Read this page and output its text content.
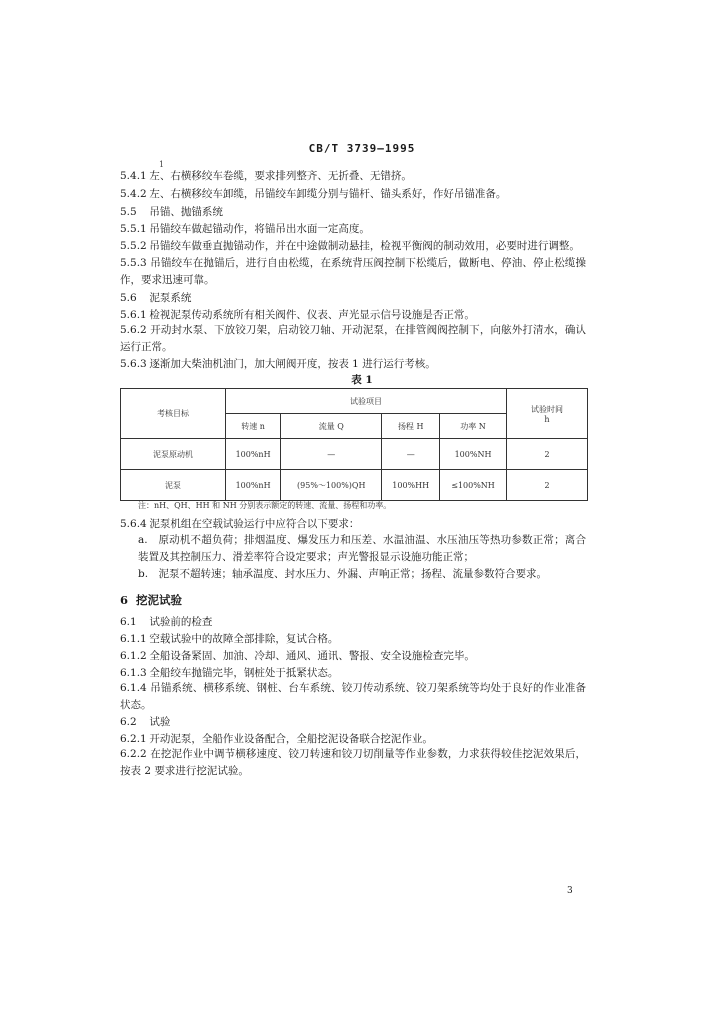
CB/T 3739—1995
1
5.4.1 左、右横移绞车卷缆，要求排列整齐、无折叠、无错挤。
5.4.2 左、右横移绞车卸缆，吊锚绞车卸缆分别与锚杆、锚头系好，作好吊锚准备。
5.5 吊锚、抛锚系统
5.5.1 吊锚绞车做起锚动作，将锚吊出水面一定高度。
5.5.2 吊锚绞车做垂直抛锚动作，并在中途做制动悬挂，检视平衡阀的制动效用，必要时进行调整。
5.5.3 吊锚绞车在抛锚后，进行自由松缆，在系统背压阀控制下松缆后，做断电、停油、停止松缆操作，要求迅速可靠。
5.6 泥泵系统
5.6.1 检视泥泵传动系统所有相关阀件、仪表、声光显示信号设施是否正常。
5.6.2 开动封水泵、下放铰刀架，启动铰刀轴、开动泥泵，在排管阀阀控制下，向舷外打清水，确认运行正常。
5.6.3 逐渐加大柴油机油门，加大闸阀开度，按表 1 进行运行考核。
表 1
考核目标	试验项目				试验时间
h

	转速 n	流量 Q	扬程 H	功率 N	
泥泵原动机	100%nH	—	—	100%NH	2
泥泵	100%nH	(95%～100%)QH	100%HH	≤100%NH	2
注：nH、QH、HH 和 NH 分别表示额定的转速、流量、扬程和功率。
5.6.4 泥泵机组在空载试验运行中应符合以下要求：
a.　原动机不超负荷；排烟温度、爆发压力和压差、水温油温、水压油压等热功参数正常；离合装置及其控制压力、滑差率符合设定要求；声光警报显示设施功能正常；
b.　泥泵不超转速；轴承温度、封水压力、外漏、声响正常；扬程、流量参数符合要求。
6 挖泥试验
6.1 试验前的检查
6.1.1 空载试验中的故障全部排除，复试合格。
6.1.2 全船设备紧固、加油、冷却、通风、通讯、警报、安全设施检查完毕。
6.1.3 全船绞车抛锚完毕，钢桩处于抵紧状态。
6.1.4 吊锚系统、横移系统、钢桩、台车系统、铰刀传动系统、铰刀架系统等均处于良好的作业准备状态。
6.2 试验
6.2.1 开动泥泵，全船作业设备配合，全船挖泥设备联合挖泥作业。
6.2.2 在挖泥作业中调节横移速度、铰刀转速和铰刀切削量等作业参数，力求获得较佳挖泥效果后，按表 2 要求进行挖泥试验。
3
